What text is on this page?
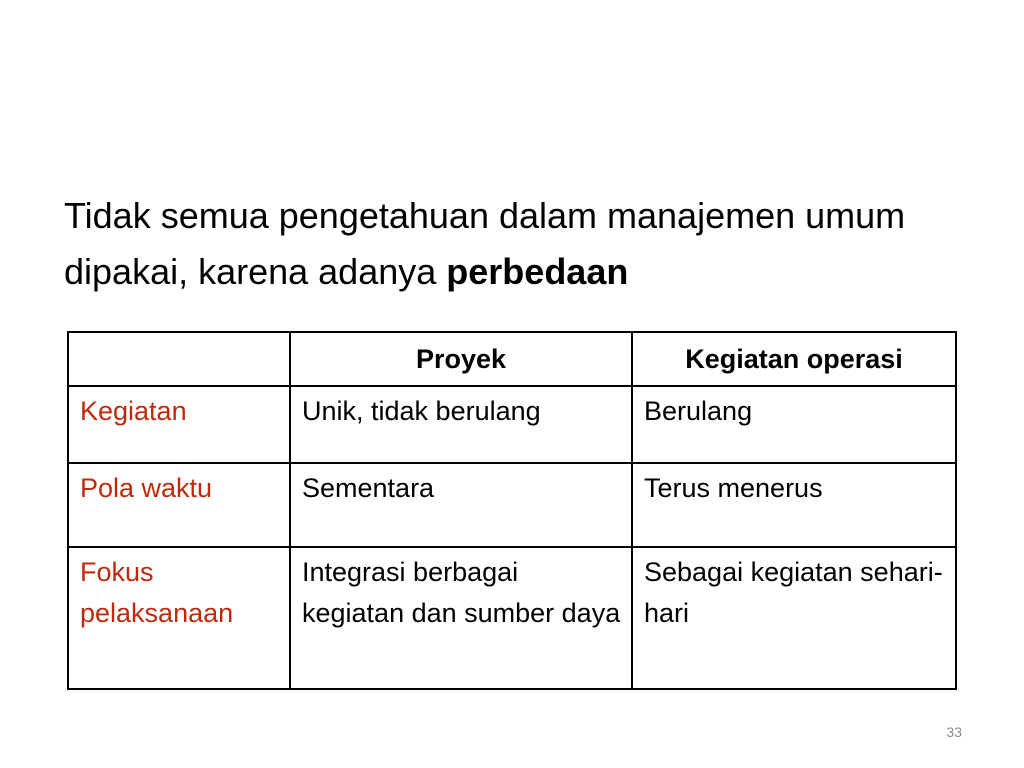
Tidak semua pengetahuan dalam manajemen umum dipakai, karena adanya perbedaan
	Proyek	Kegiatan operasi
Kegiatan	Unik, tidak berulang	Berulang
Pola waktu	Sementara	Terus menerus
Fokus pelaksanaan	Integrasi berbagai kegiatan dan sumber daya	Sebagai kegiatan sehari-hari
33
